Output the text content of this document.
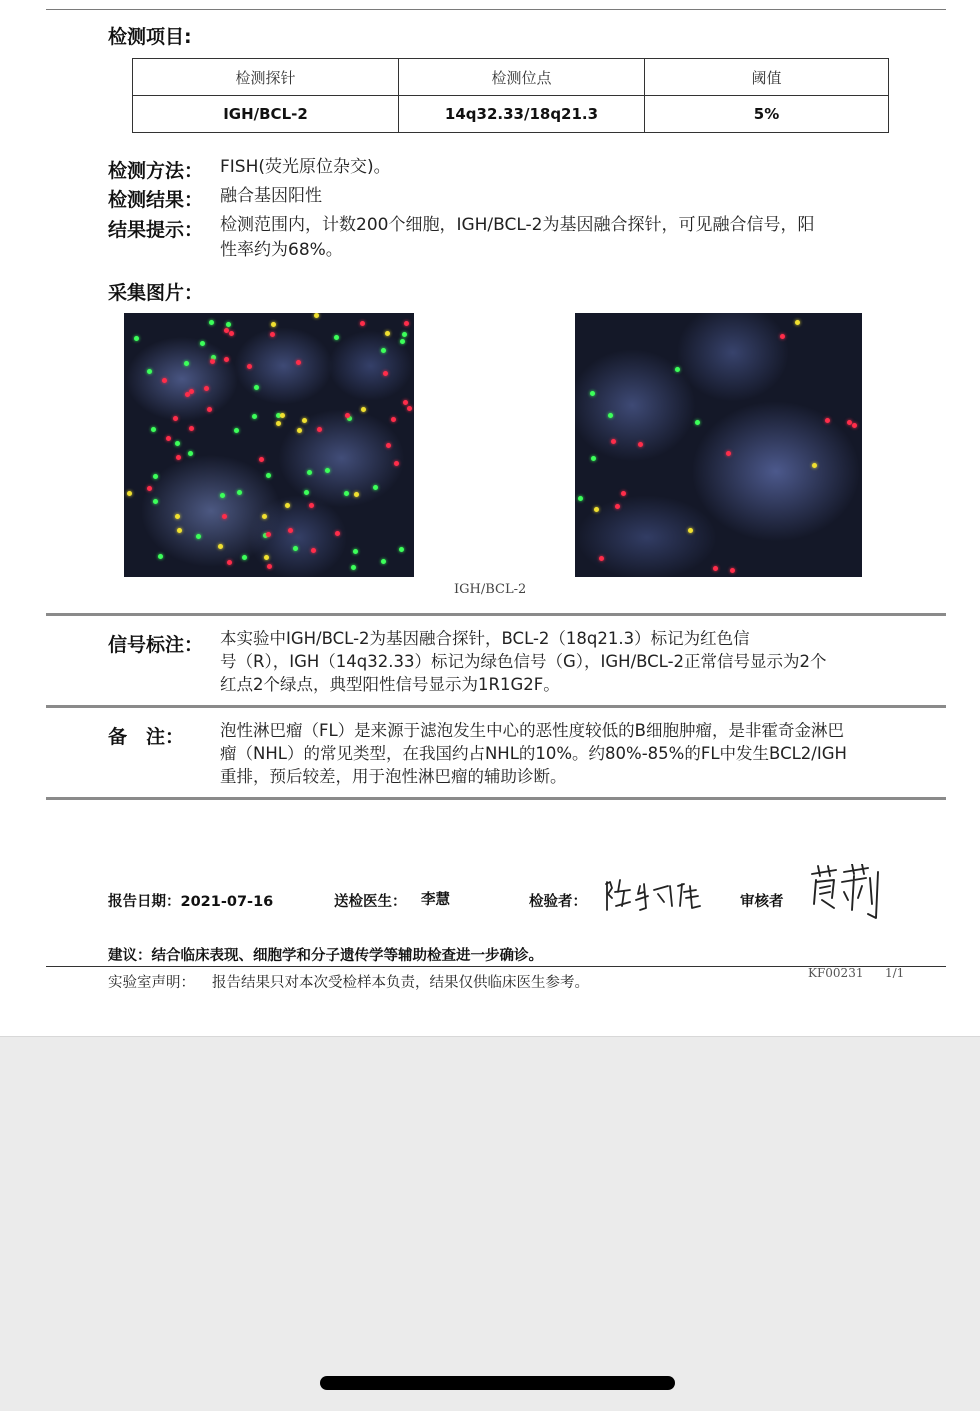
检测项目:
检测探针	检测位点	阈值
IGH/BCL-2	14q32.33/18q21.3	5%
检测方法： FISH(荧光原位杂交)。
检测结果： 融合基因阳性
结果提示： 检测范围内，计数200个细胞，IGH/BCL-2为基因融合探针，可见融合信号，阳
性率约为68%。
采集图片：
IGH/BCL-2
信号标注： 本实验中IGH/BCL-2为基因融合探针，BCL-2（18q21.3）标记为红色信
号（R），IGH（14q32.33）标记为绿色信号（G），IGH/BCL-2正常信号显示为2个
红点2个绿点，典型阳性信号显示为1R1G2F。
备　注： 泡性淋巴瘤（FL）是来源于滤泡发生中心的恶性度较低的B细胞肿瘤，是非霍奇金淋巴
瘤（NHL）的常见类型，在我国约占NHL的10%。约80%-85%的FL中发生BCL2/IGH
重排，预后较差，用于泡性淋巴瘤的辅助诊断。
报告日期：2021-07-16	送检医生： 李慧	检验者：	审核者
建议：结合临床表现、细胞学和分子遗传学等辅助检查进一步确诊。
实验室声明： 报告结果只对本次受检样本负责，结果仅供临床医生参考。
KF00231 1/1
